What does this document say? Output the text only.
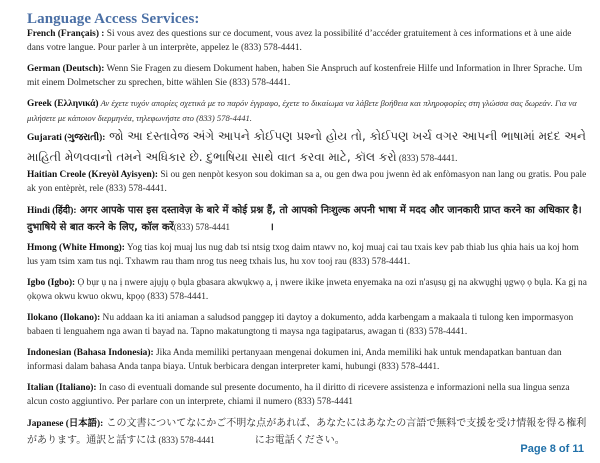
Language Access Services:
French (Français) : Si vous avez des questions sur ce document, vous avez la possibilité d’accéder gratuitement à ces informations et à une aide dans votre langue. Pour parler à un interprète, appelez le (833) 578-4441.
German (Deutsch): Wenn Sie Fragen zu diesem Dokument haben, haben Sie Anspruch auf kostenfreie Hilfe und Information in Ihrer Sprache. Um mit einem Dolmetscher zu sprechen, bitte wählen Sie (833) 578-4441.
Greek (Ελληνικά) Αν έχετε τυχόν απορίες σχετικά με το παρόν έγγραφο, έχετε το δικαίωμα να λάβετε βοήθεια και πληροφορίες στη γλώσσα σας δωρεάν. Για να μιλήσετε με κάποιον διερμηνέα, τηλεφωνήστε στο (833) 578-4441.
Gujarati (ગુજરાતી): જો આ દસ્તાવેજ અંગે આપને કોઈપણ પ્રશ્નો હોય તો, કોઈપણ ખર્ચ વગર આપની ભાષામાં મદદ અને માહિતી મેળવવાનો તમને અધિકાર છે. દુભાષિયા સાથે વાત કરવા માટે, કૉલ કરો (833) 578-4441.
Haitian Creole (Kreyòl Ayisyen): Si ou gen nenpòt kesyon sou dokiman sa a, ou gen dwa pou jwenn èd ak enfòmasyon nan lang ou gratis. Pou pale ak yon entèprèt, rele (833) 578-4441.
Hindi (हिंदी): अगर आपके पास इस दस्तावेज़ के बारे में कोई प्रश्न हैं, तो आपको निःशुल्क अपनी भाषा में मदद और जानकारी प्राप्त करने का अधिकार है। दुभाषिये से बात करने के लिए, कॉल करें(833) 578-4441	।
Hmong (White Hmong): Yog tias koj muaj lus nug dab tsi ntsig txog daim ntawv no, koj muaj cai tau txais kev pab thiab lus qhia hais ua koj hom lus yam tsim xam tus nqi. Txhawm rau tham nrog tus neeg txhais lus, hu xov tooj rau (833) 578-4441.
Igbo (Igbo): Ọ bụr ụ na ị nwere ajụjụ ọ bụla gbasara akwụkwọ a, ị nwere ikike ịnweta enyemaka na ozi n'asụsụ gị na akwụghị ụgwọ ọ bụla. Ka gị na ọkọwa okwu kwuo okwu, kpọọ (833) 578-4441.
Ilokano (Ilokano): Nu addaan ka iti aniaman a saludsod panggep iti daytoy a dokumento, adda karbengam a makaala ti tulong ken impormasyon babaen ti lenguahem nga awan ti bayad na. Tapno makatungtong ti maysa nga tagipatarus, awagan ti (833) 578-4441.
Indonesian (Bahasa Indonesia): Jika Anda memiliki pertanyaan mengenai dokumen ini, Anda memiliki hak untuk mendapatkan bantuan dan informasi dalam bahasa Anda tanpa biaya. Untuk berbicara dengan interpreter kami, hubungi (833) 578-4441.
Italian (Italiano): In caso di eventuali domande sul presente documento, ha il diritto di ricevere assistenza e informazioni nella sua lingua senza alcun costo aggiuntivo. Per parlare con un interprete, chiami il numero (833) 578-4441
Japanese (日本語): この文書についてなにかご不明な点があれば、あなたにはあなたの言語で無料で支援を受け情報を得る権利があります。通訳と話すには (833) 578-4441	にお電話ください。
Page 8 of 11
